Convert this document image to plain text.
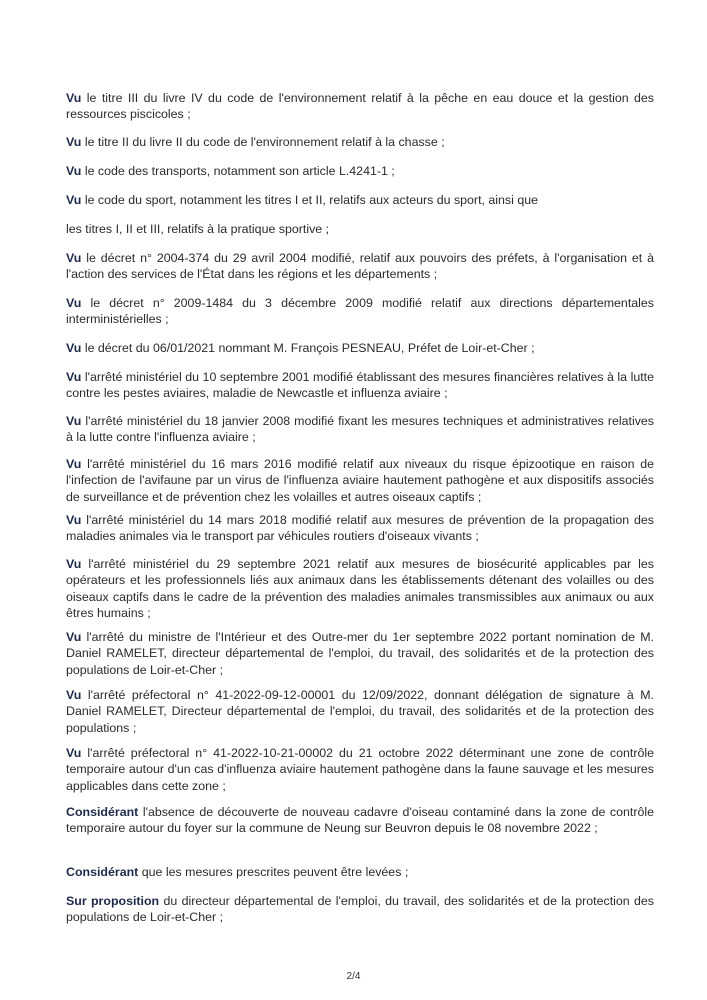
Vu le titre III du livre IV du code de l'environnement relatif à la pêche en eau douce et la gestion des ressources piscicoles ;

Vu le titre II du livre II du code de l'environnement relatif à la chasse ;

Vu le code des transports, notamment son article L.4241-1 ;

Vu le code du sport, notamment les titres I et II, relatifs aux acteurs du sport, ainsi que

les titres I, II et III, relatifs à la pratique sportive ;

Vu le décret n° 2004-374 du 29 avril 2004 modifié, relatif aux pouvoirs des préfets, à l'organisation et à l'action des services de l'État dans les régions et les départements ;

Vu le décret n° 2009-1484 du 3 décembre 2009 modifié relatif aux directions départementales interministérielles ;

Vu le décret du 06/01/2021 nommant M. François PESNEAU, Préfet de Loir-et-Cher ;

Vu l'arrêté ministériel du 10 septembre 2001 modifié établissant des mesures financières relatives à la lutte contre les pestes aviaires, maladie de Newcastle et influenza aviaire ;

Vu l'arrêté ministériel du 18 janvier 2008 modifié fixant les mesures techniques et administratives relatives à la lutte contre l'influenza aviaire ;

Vu l'arrêté ministériel du 16 mars 2016 modifié relatif aux niveaux du risque épizootique en raison de l'infection de l'avifaune par un virus de l'influenza aviaire hautement pathogène et aux dispositifs associés de surveillance et de prévention chez les volailles et autres oiseaux captifs ;

Vu l'arrêté ministériel du 14 mars 2018 modifié relatif aux mesures de prévention de la propagation des maladies animales via le transport par véhicules routiers d'oiseaux vivants ;

Vu l'arrêté ministériel du 29 septembre 2021 relatif aux mesures de biosécurité applicables par les opérateurs et les professionnels liés aux animaux dans les établissements détenant des volailles ou des oiseaux captifs dans le cadre de la prévention des maladies animales transmissibles aux animaux ou aux êtres humains ;

Vu l'arrêté du ministre de l'Intérieur et des Outre-mer du 1er septembre 2022 portant nomination de M. Daniel RAMELET, directeur départemental de l'emploi, du travail, des solidarités et de la protection des populations de Loir-et-Cher ;

Vu l'arrêté préfectoral n° 41-2022-09-12-00001 du 12/09/2022, donnant délégation de signature à M. Daniel RAMELET, Directeur départemental de l'emploi, du travail, des solidarités et de la protection des populations ;

Vu l'arrêté préfectoral n° 41-2022-10-21-00002 du 21 octobre 2022 déterminant une zone de contrôle temporaire autour d'un cas d'influenza aviaire hautement pathogène dans la faune sauvage et les mesures applicables dans cette zone ;

Considérant l'absence de découverte de nouveau cadavre d'oiseau contaminé dans la zone de contrôle temporaire autour du foyer sur la commune de Neung sur Beuvron depuis le 08 novembre 2022 ;

Considérant que les mesures prescrites peuvent être levées ;

Sur proposition du directeur départemental de l'emploi, du travail, des solidarités et de la protection des populations de Loir-et-Cher ;

2/4
